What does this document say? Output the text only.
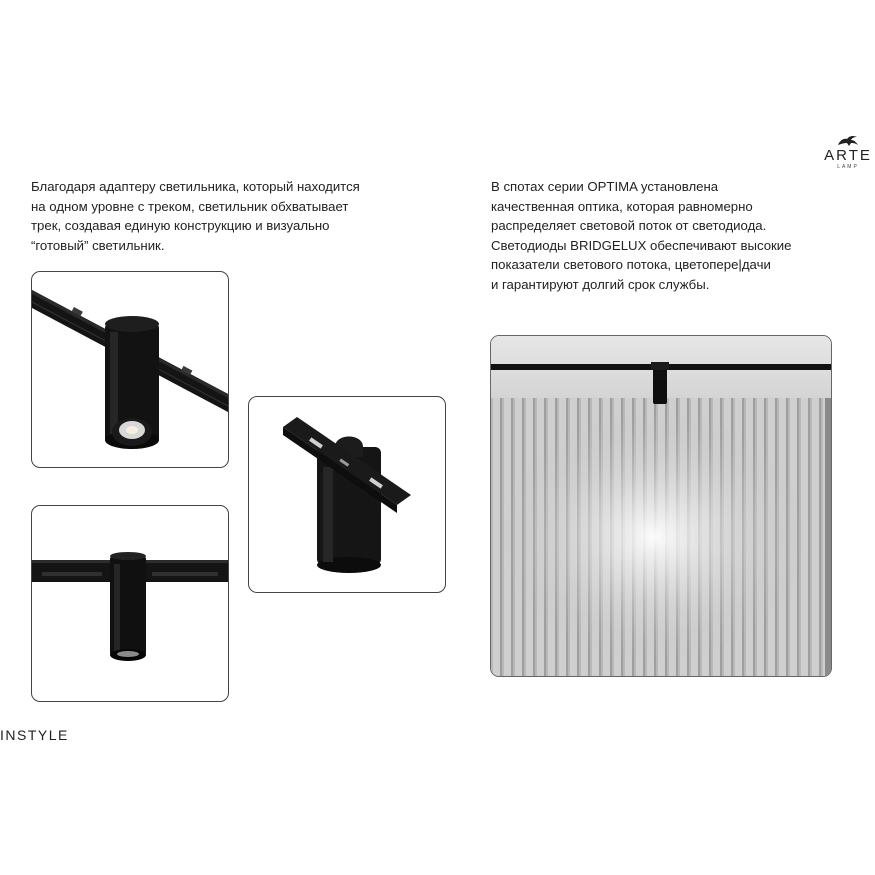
ARTE
LAMP
Благодаря адаптеру светильника, который находится
на одном уровне с треком, светильник обхватывает
трек, создавая единую конструкцию и визуально
“готовый” светильник.
В спотах серии OPTIMA установлена
качественная оптика, которая равномерно
распределяет световой поток от светодиода.
Светодиоды BRIDGELUX обеспечивают высокие
показатели светового потока, цветопере|дачи
и гарантируют долгий срок службы.
INSTYLE
